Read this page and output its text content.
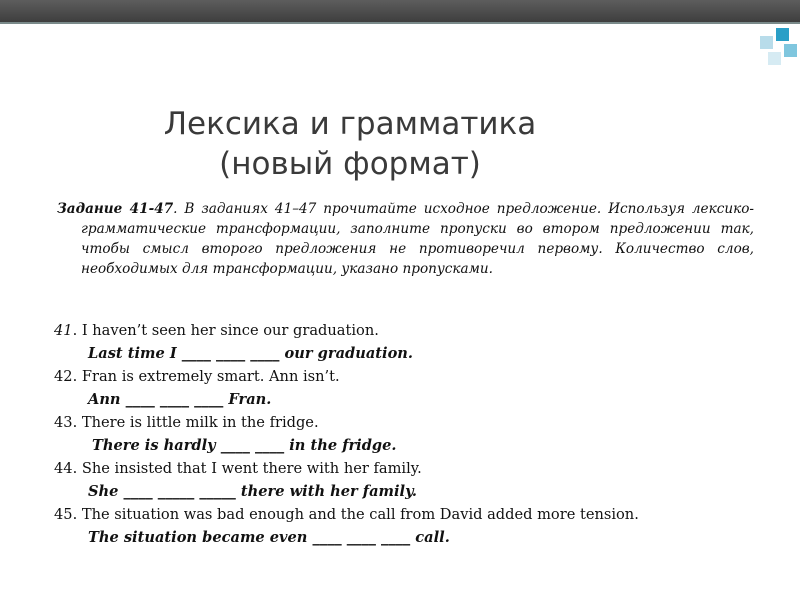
Лексика и грамматика
(новый формат)

Задание 41-47. В заданиях 41–47 прочитайте исходное предложение. Используя лексико-грамматические трансформации, заполните пропуски во втором предложении так, чтобы смысл второго предложения не противоречил первому. Количество слов, необходимых для трансформации, указано пропусками.

41. I haven’t seen her since our graduation.
Last time I ____ ____ ____ our graduation.
42. Fran is extremely smart. Ann isn’t.
Ann ____ ____ ____ Fran.
43. There is little milk in the fridge.
There is hardly ____ ____ in the fridge.
44. She insisted that I went there with her family.
She ____ _____ _____ there with her family.
45. The situation was bad enough and the call from David added more tension.
The situation became even ____ ____ ____ call.
